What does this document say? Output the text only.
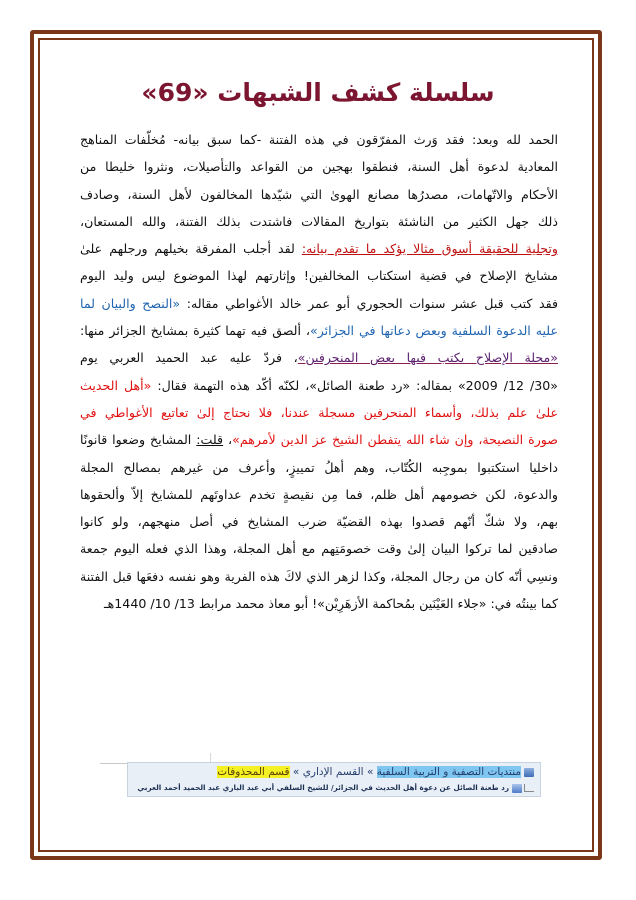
سلسلة كشف الشبهات «69»
الحمد لله وبعد: فقد وَرث المفرّقون في هذه الفتنة -كما سبق بيانه- مُخلّفات المناهج
المعادية لدعوة أهل السنة، فنطقوا بهجين من القواعد والتأصيلات، ونثروا خليطا من
الأحكام والاتّهامات، مصدرُها مصانع الهوىٰ التي شيّدها المخالفون لأهل السنة، وصادف
ذلك جهل الكثير من الناشئة بتواريخ المقالات فاشتدت بذلك الفتنة، والله المستعان،
وتجلية للحقيقة أسوق مثالا يؤكد ما تقدم بيانه: لقد أجلب المفرقة بخيلهم ورجلهم علىٰ
مشايخ الإصلاح في قضية استكتاب المخالفين! وإثارتهم لهذا الموضوع ليس وليد اليوم
فقد كتب قبل عشر سنوات الحجوري أبو عمر خالد الأغواطي مقاله: «النصح والبيان لما
عليه الدعوة السلفية وبعض دعاتها في الجزائر»، ألصق فيه تهما كثيرة بمشايخ الجزائر منها:
«مجلة الإصلاح يكتب فيها بعض المنحرفين»، فردّ عليه عبد الحميد العربي يوم
«30/ 12/ 2009» بمقاله: «رد طعنة الصائل»، لكنّه أكّد هذه التهمة فقال: «أهل الحديث
علىٰ علم بذلك، وأسماء المنحرفين مسجلة عندنا، فلا نحتاج إلىٰ تعاتيع الأغواطي في
صورة النصيحة، وإن شاء الله يتفطن الشيخ عز الدين لأمرهم»، قلت: المشايخ وضعوا قانونًا
داخليا استكتبوا بموجِبه الكُتّاب، وهم أهلُ تمييزٍ، وأعرف من غيرهم بمصالح المجلة
والدعوة، لكن خصومهم أهل ظلم، فما مِن نقيصةٍ تخدم عداوتَهم للمشايخ إلاّ وألحقوها
بهم، ولا شكّ أنّهم قصدوا بهذه القضيّة ضرب المشايخ في أصل منهجهم، ولو كانوا
صادقين لما تركوا البيان إلىٰ وقت خصومَتِهم مع أهل المجلة، وهذا الذي فعله اليوم جمعة
ونسِي أنّه كان من رجال المجلة، وكذا لزهر الذي لاكَ هذه الفرية وهو نفسه دفعَها قبل الفتنة
كما بينتُه في: «جلاء العَيْنَين بمُحاكمة الأزهَرِيْن»! أبو معاذ محمد مرابط 13/ 10/ 1440هـ
منتديات التصفية و التربية السلفية » القسم الإداري » قسم المحذوفات
رد طعنة الصائل عن دعوة أهل الحديث في الجزائر/ للشيخ السلفي أبي عبد الباري عبد الحميد أحمد العربي
